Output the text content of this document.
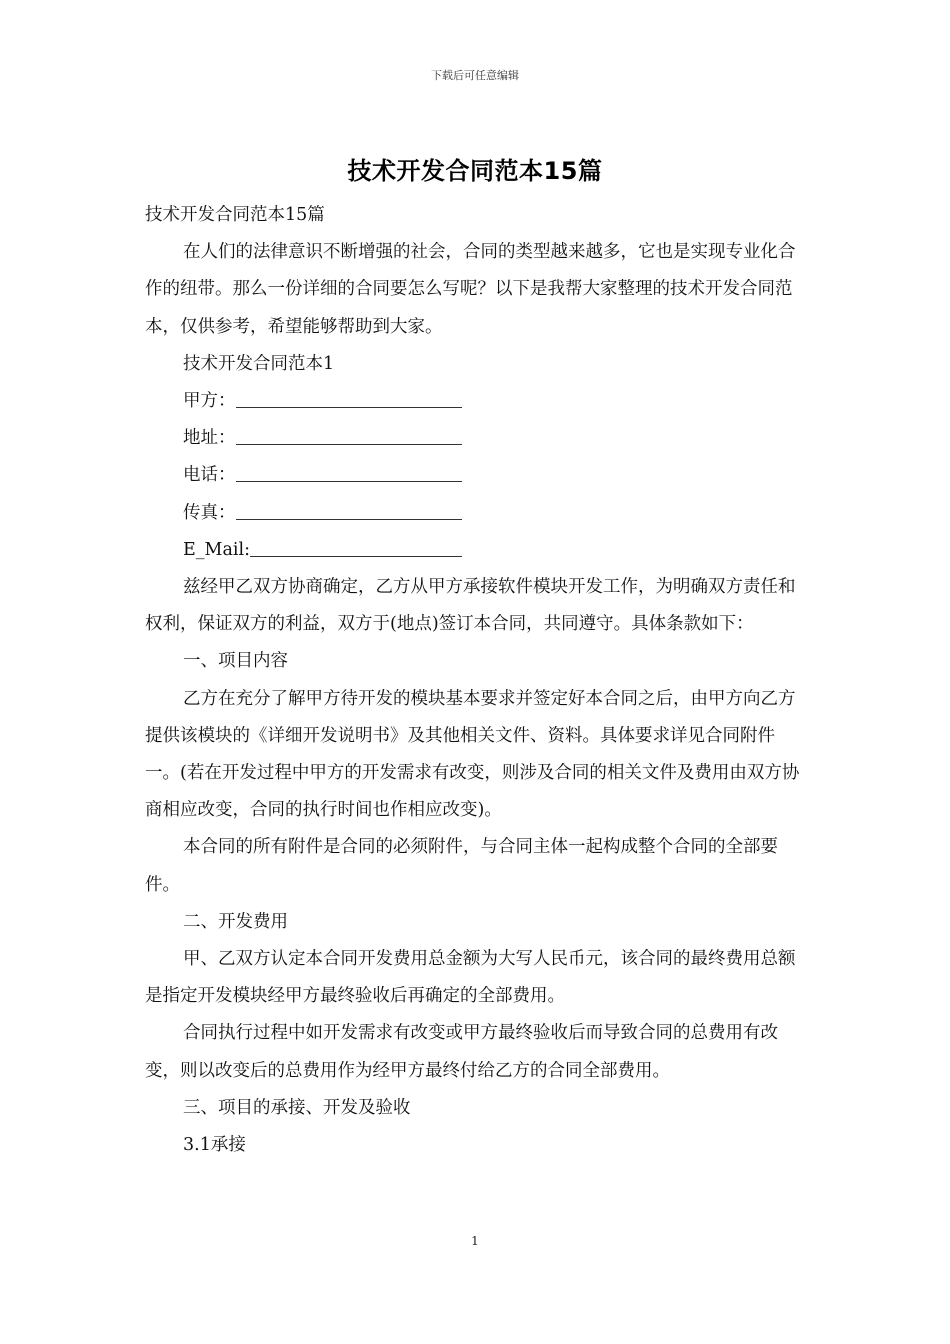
下载后可任意编辑
技术开发合同范本15篇

技术开发合同范本15篇

在人们的法律意识不断增强的社会，合同的类型越来越多，它也是实现专业化合作的纽带。那么一份详细的合同要怎么写呢？以下是我帮大家整理的技术开发合同范本，仅供参考，希望能够帮助到大家。

技术开发合同范本1

甲方：

地址：

电话：

传真：

E_Mail:

兹经甲乙双方协商确定，乙方从甲方承接软件模块开发工作，为明确双方责任和权利，保证双方的利益，双方于(地点)签订本合同，共同遵守。具体条款如下：

一、项目内容

乙方在充分了解甲方待开发的模块基本要求并签定好本合同之后，由甲方向乙方提供该模块的《详细开发说明书》及其他相关文件、资料。具体要求详见合同附件一。(若在开发过程中甲方的开发需求有改变，则涉及合同的相关文件及费用由双方协商相应改变，合同的执行时间也作相应改变)。

本合同的所有附件是合同的必须附件，与合同主体一起构成整个合同的全部要件。

二、开发费用

甲、乙双方认定本合同开发费用总金额为大写人民币元，该合同的最终费用总额是指定开发模块经甲方最终验收后再确定的全部费用。

合同执行过程中如开发需求有改变或甲方最终验收后而导致合同的总费用有改变，则以改变后的总费用作为经甲方最终付给乙方的合同全部费用。

三、项目的承接、开发及验收

3.1承接

1
